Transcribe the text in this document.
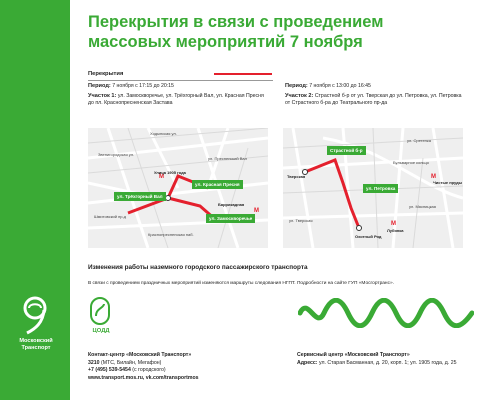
Московский Транспорт
Перекрытия в связи с проведением массовых мероприятий 7 ноября
Перекрытия
Период: 7 ноября с 17:15 до 20:15
Участок 1: ул. Замоскворечье, ул. Трёхгорный Вал, ул. Красная Пресня до пл. Краснопресненская Застава
Период: 7 ноября с 13:00 до 16:45
Участок 2: Страстной б-р от ул. Тверская до ул. Петровка, ул. Петровка от Страстного б-ра до Театрального пр-да
М
М
Ходынская ул.
Звенигородская ул.
ул. Пресненский Вал
Улица 1905 года
Шмитовский пр-д
Краснопресненская наб.
Баррикадная
ул. Красная Пресня
ул. Трёхгорный Вал
ул. Замоскворечье
М
М
Тверская
Лубянка
Чистые пруды
Охотный Ряд
Бульварное кольцо
ул. Мясницкая
ул. Сретенка
ул. Тверская
Страстной б-р
ул. Петровка
Изменения работы наземного городского пассажирского транспорта
В связи с проведением праздничных мероприятий изменяются маршруты следования НГПТ. Подробности на сайте ГУП «Мосгортранс».
ЦОДД
Контакт-центр «Московский Транспорт»
3210 (МТС, Билайн, Мегафон)
+7 (495) 539-5454 (с городского)
www.transport.mos.ru, vk.com/transportmos
Сервисный центр «Московский Транспорт»
Адресс: ул. Старая Басманная, д. 20, корп. 1; ул. 1905 года, д. 25
